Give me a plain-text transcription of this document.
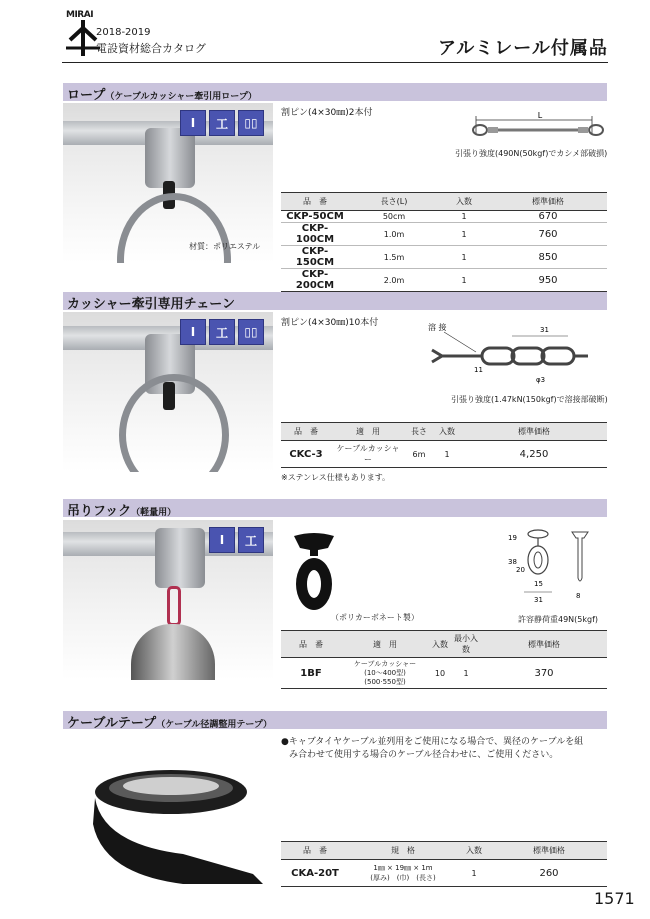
MIRAI
2018-2019
電設資材総合カタログ	アルミレール付属品
ロープ（ケーブルカッシャー牽引用ロープ）
I	工	▯▯
材質：ポリエステル
割ピン(4×30㎜)2本付	L
引張り強度(490N(50kgf)でカシメ部破損)
品　番	長さ(L)	入数	標準価格
CKP-50CM	50cm	1	670
CKP-100CM	1.0m	1	760
CKP-150CM	1.5m	1	850
CKP-200CM	2.0m	1	950
カッシャー牽引専用チェーン
I	工	▯▯
割ピン(4×30㎜)10本付	溶 接	31
11
φ3
引張り強度(1.47kN(150kgf)で溶接部破断)
品　番	適　用	長さ	入数	標準価格
CKC-3	ケーブルカッシャー	6m	1	4,250
※ステンレス仕様もあります。
吊りフック（軽量用）
I	工
（ポリカーボネート製）
19
38
20
15
31	8
許容静荷重49N(5kgf)
品　番	適　用	入数	最小入数	標準価格
1BF	ケーブルカッシャー
(10〜400型)
(500·550型)	10	1	370
ケーブルテープ（ケーブル径調整用テープ）
●キャブタイヤケーブル並列用をご使用になる場合で、異径のケーブルを組
み合わせて使用する場合のケーブル径合わせに、ご使用ください。
品　番	規　格	入数	標準価格
CKA-20T	1㎜ × 19㎜ × 1m
(厚み)　(巾)　(長さ)	1	260
1571
